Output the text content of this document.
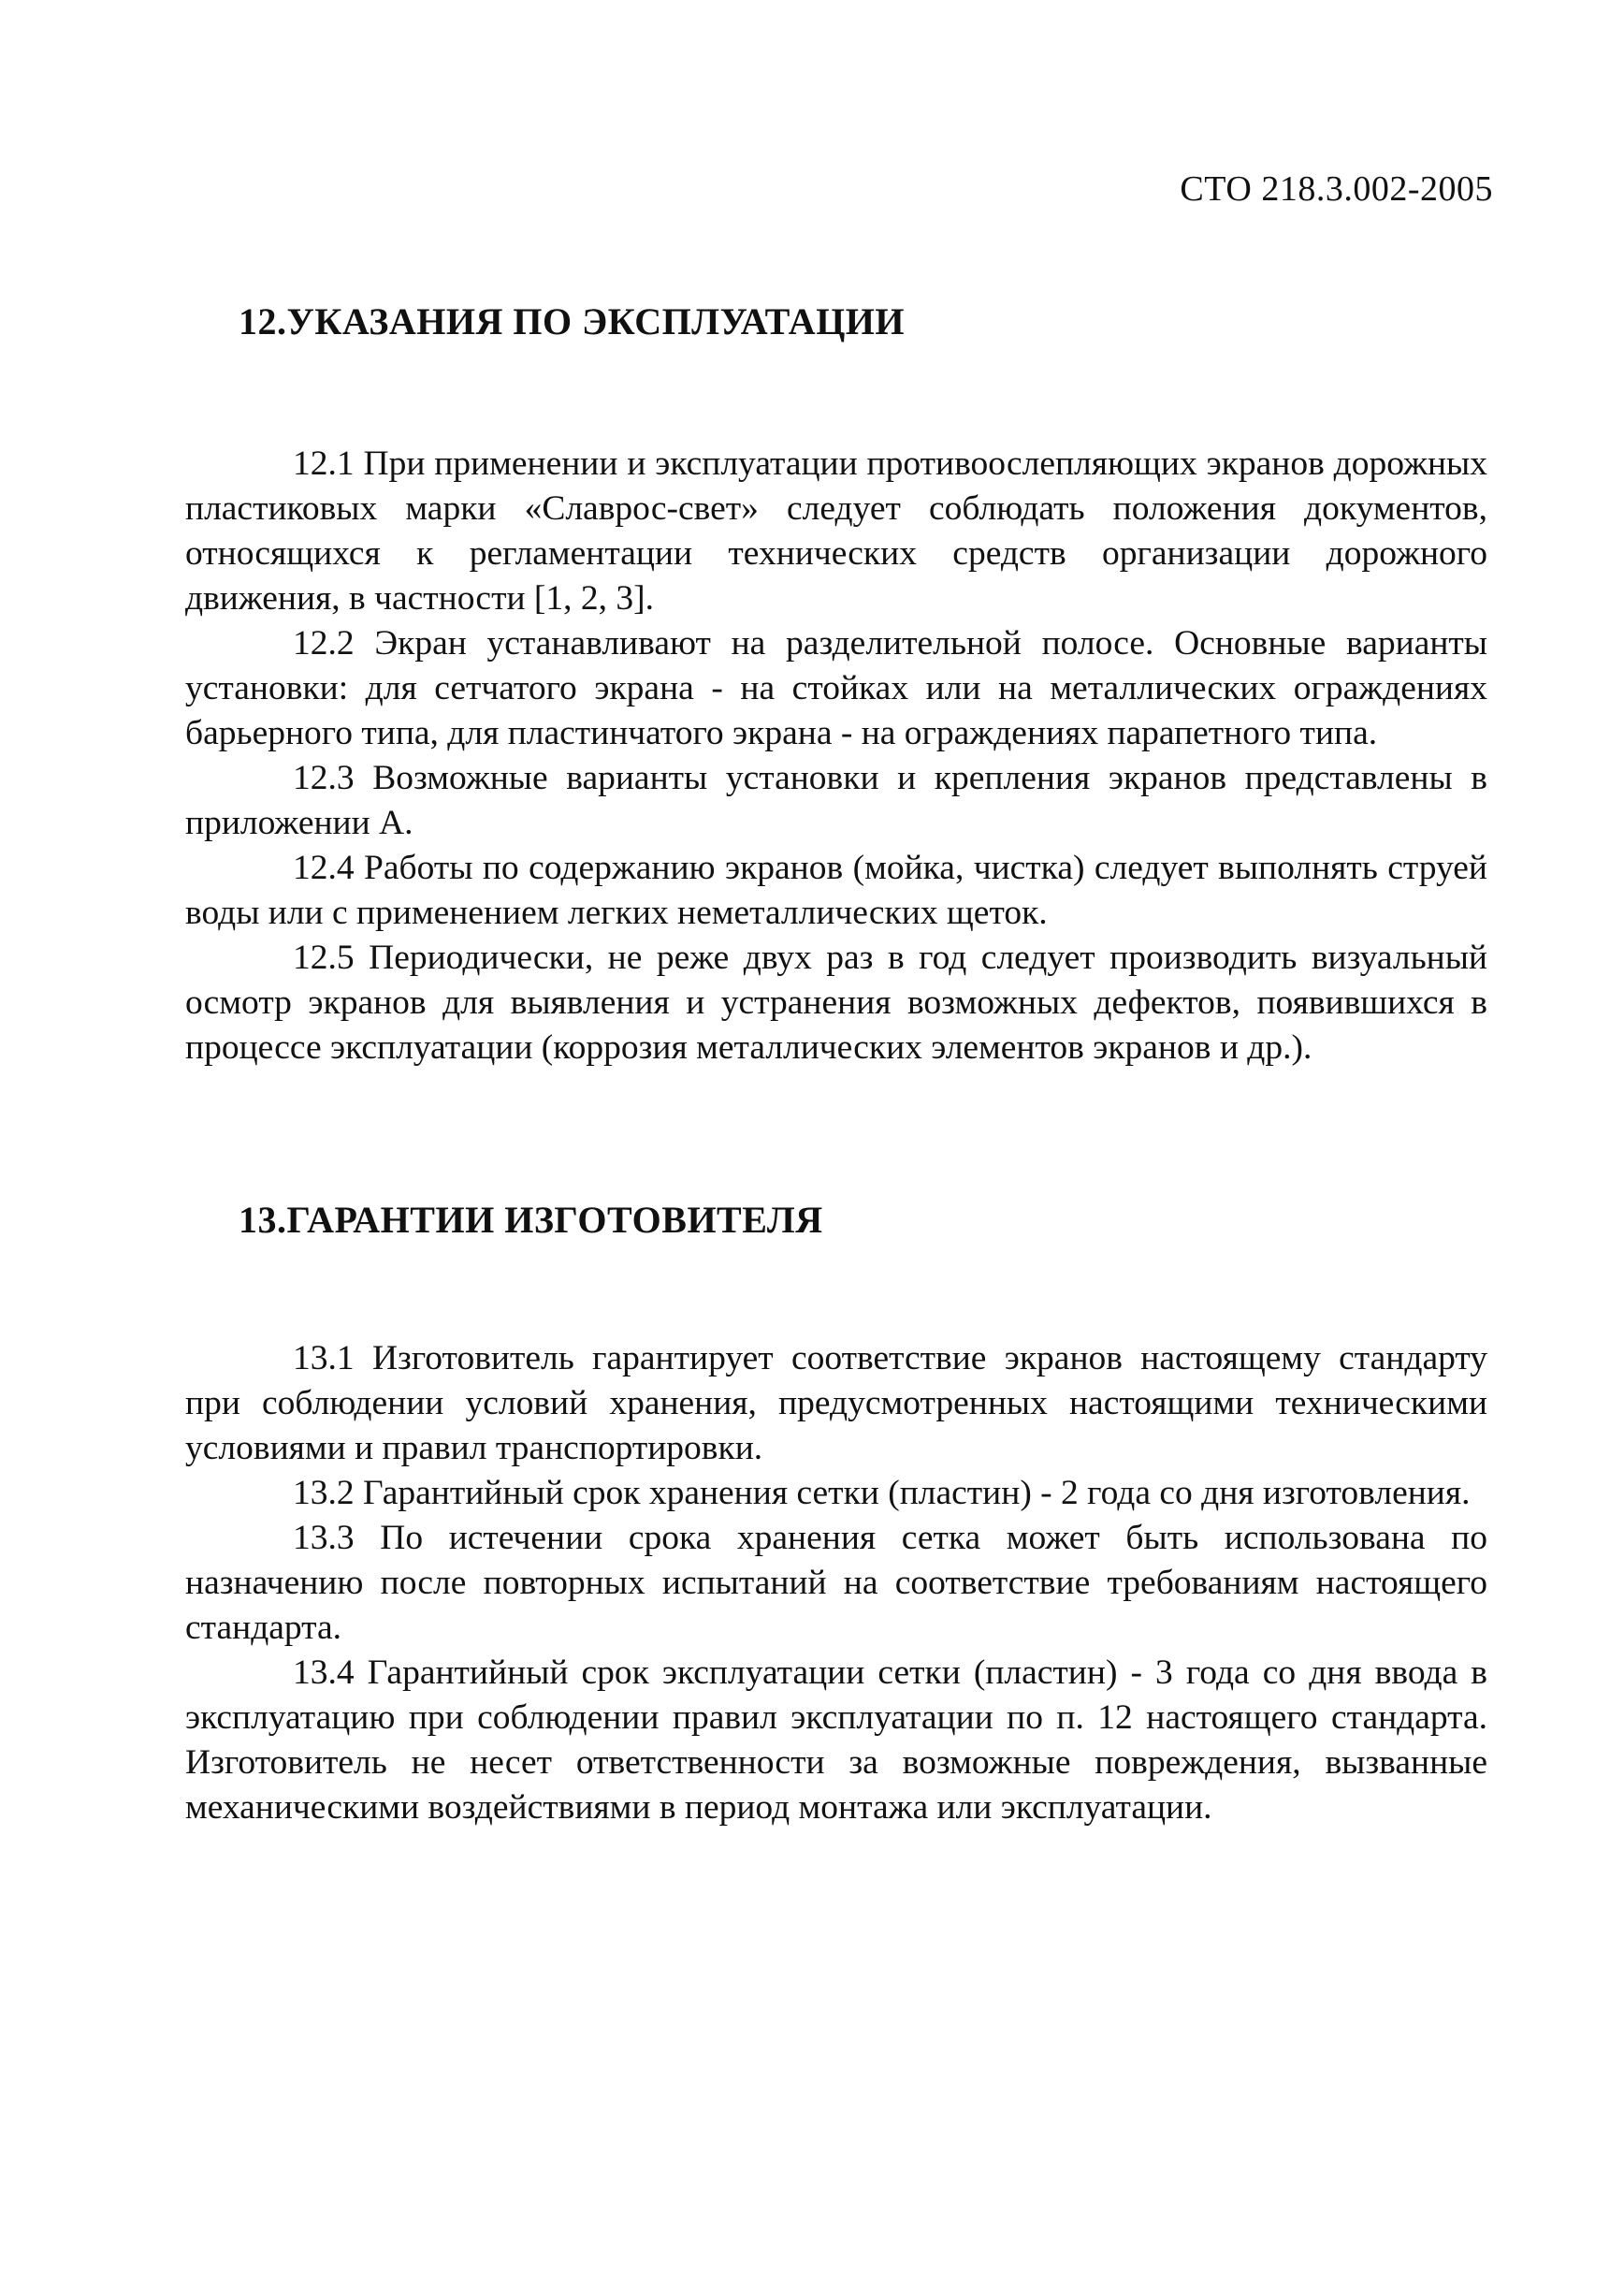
СТО 218.3.002-2005
12.УКАЗАНИЯ ПО ЭКСПЛУАТАЦИИ

12.1 При применении и эксплуатации противоослепляющих экранов дорожных пластиковых марки «Славрос-свет» следует соблюдать положения документов, относящихся к регламентации технических средств организации дорожного движения, в частности [1, 2, 3].

12.2 Экран устанавливают на разделительной полосе. Основные варианты установки: для сетчатого экрана - на стойках или на металлических ограждениях барьерного типа, для пластинчатого экрана - на ограждениях парапетного типа.

12.3 Возможные варианты установки и крепления экранов представлены в приложении А.

12.4 Работы по содержанию экранов (мойка, чистка) следует выполнять струей воды или с применением легких неметаллических щеток.

12.5 Периодически, не реже двух раз в год следует производить визуальный осмотр экранов для выявления и устранения возможных дефектов, появившихся в процессе эксплуатации (коррозия металлических элементов экранов и др.).

13.ГАРАНТИИ ИЗГОТОВИТЕЛЯ

13.1 Изготовитель гарантирует соответствие экранов настоящему стандарту при соблюдении условий хранения, предусмотренных настоящими техническими условиями и правил транспортировки.

13.2 Гарантийный срок хранения сетки (пластин) - 2 года со дня изготовления.

13.3 По истечении срока хранения сетка может быть использована по назначению после повторных испытаний на соответствие требованиям настоящего стандарта.

13.4 Гарантийный срок эксплуатации сетки (пластин) - 3 года со дня ввода в эксплуатацию при соблюдении правил эксплуатации по п. 12 настоящего стандарта. Изготовитель не несет ответственности за возможные повреждения, вызванные механическими воздействиями в период монтажа или эксплуатации.
